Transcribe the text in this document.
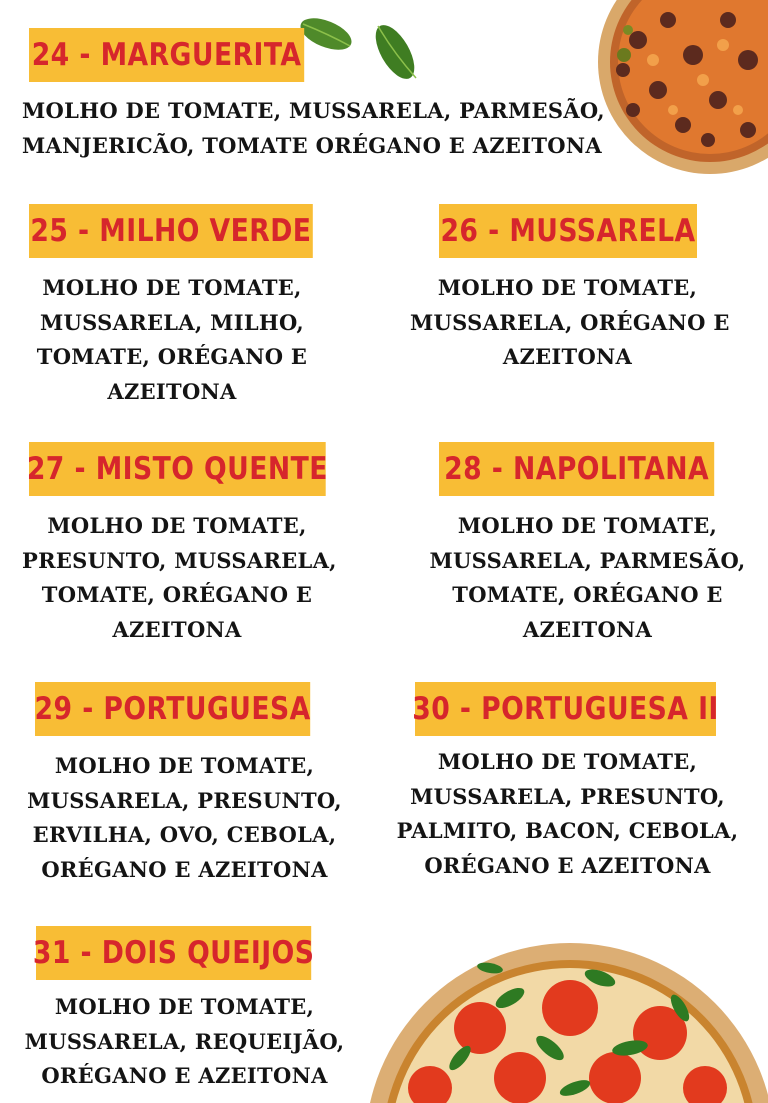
24 - MARGUERITA
MOLHO DE TOMATE, MUSSARELA, PARMESÃO,
MANJERICÃO, TOMATE ORÉGANO E AZEITONA
25 - MILHO VERDE
MOLHO DE TOMATE,
MUSSARELA, MILHO,
TOMATE, ORÉGANO E
AZEITONA
26 - MUSSARELA
MOLHO DE TOMATE,
MUSSARELA, ORÉGANO E
AZEITONA
27 - MISTO QUENTE
MOLHO DE TOMATE,
PRESUNTO, MUSSARELA,
TOMATE, ORÉGANO E
AZEITONA
28 - NAPOLITANA
MOLHO DE TOMATE,
MUSSARELA, PARMESÃO,
TOMATE, ORÉGANO E
AZEITONA
29 - PORTUGUESA
MOLHO DE TOMATE,
MUSSARELA, PRESUNTO,
ERVILHA, OVO, CEBOLA,
ORÉGANO E AZEITONA
30 - PORTUGUESA II
MOLHO DE TOMATE,
MUSSARELA, PRESUNTO,
PALMITO, BACON, CEBOLA,
ORÉGANO E AZEITONA
31 - DOIS QUEIJOS
MOLHO DE TOMATE,
MUSSARELA, REQUEIJÃO,
ORÉGANO E AZEITONA
